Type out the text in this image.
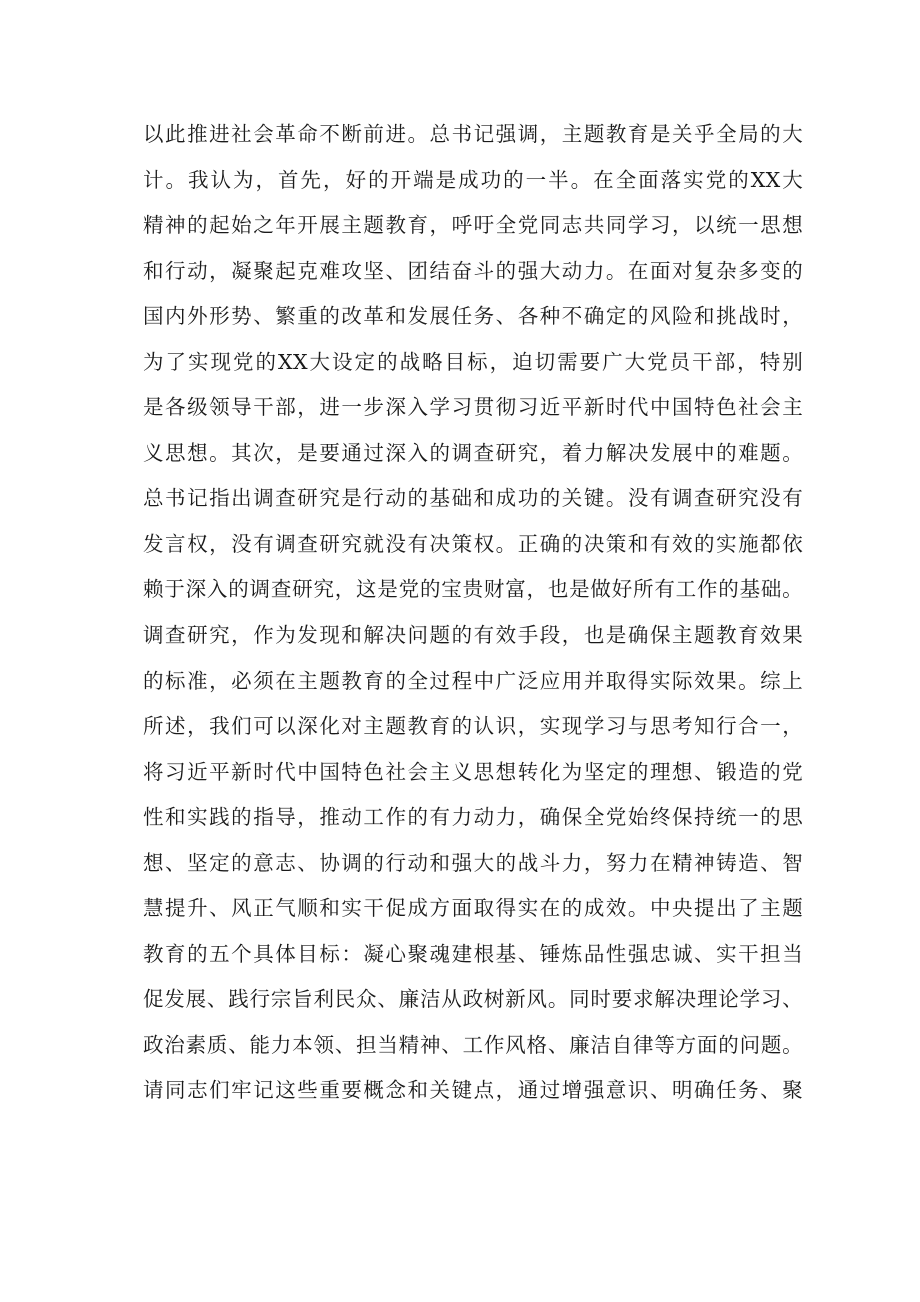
以此推进社会革命不断前进。总书记强调，主题教育是关乎全局的大
计。我认为，首先，好的开端是成功的一半。在全面落实党的XX大
精神的起始之年开展主题教育，呼吁全党同志共同学习，以统一思想
和行动，凝聚起克难攻坚、团结奋斗的强大动力。在面对复杂多变的
国内外形势、繁重的改革和发展任务、各种不确定的风险和挑战时，
为了实现党的XX大设定的战略目标，迫切需要广大党员干部，特别
是各级领导干部，进一步深入学习贯彻习近平新时代中国特色社会主
义思想。其次，是要通过深入的调查研究，着力解决发展中的难题。
总书记指出调查研究是行动的基础和成功的关键。没有调查研究没有
发言权，没有调查研究就没有决策权。正确的决策和有效的实施都依
赖于深入的调查研究，这是党的宝贵财富，也是做好所有工作的基础。
调查研究，作为发现和解决问题的有效手段，也是确保主题教育效果
的标准，必须在主题教育的全过程中广泛应用并取得实际效果。综上
所述，我们可以深化对主题教育的认识，实现学习与思考知行合一，
将习近平新时代中国特色社会主义思想转化为坚定的理想、锻造的党
性和实践的指导，推动工作的有力动力，确保全党始终保持统一的思
想、坚定的意志、协调的行动和强大的战斗力，努力在精神铸造、智
慧提升、风正气顺和实干促成方面取得实在的成效。中央提出了主题
教育的五个具体目标：凝心聚魂建根基、锤炼品性强忠诚、实干担当
促发展、践行宗旨利民众、廉洁从政树新风。同时要求解决理论学习、
政治素质、能力本领、担当精神、工作风格、廉洁自律等方面的问题。
请同志们牢记这些重要概念和关键点，通过增强意识、明确任务、聚
